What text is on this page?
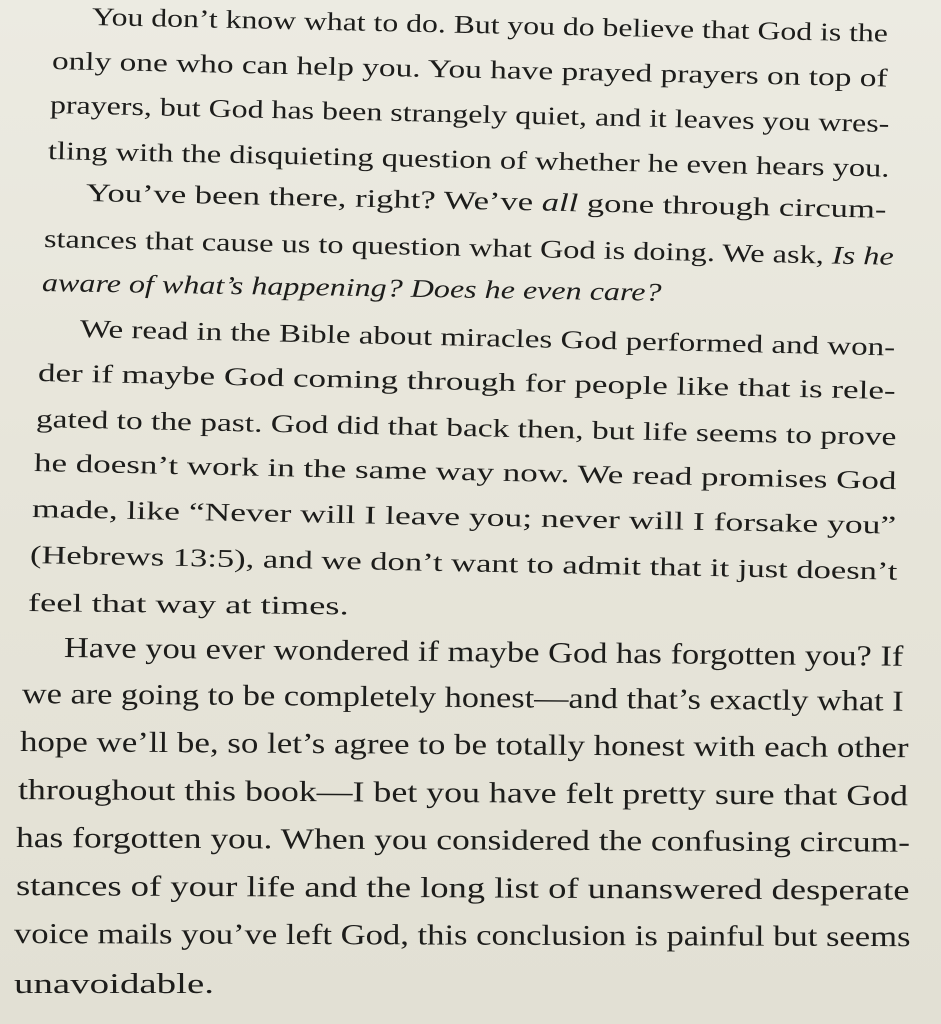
You don’t know what to do. But you do believe that God is the
only one who can help you. You have prayed prayers on top of
prayers, but God has been strangely quiet, and it leaves you wres-
tling with the disquieting question of whether he even hears you.
You’ve been there, right? We’ve all gone through circum-
stances that cause us to question what God is doing. We ask, Is he
aware of what’s happening? Does he even care?
We read in the Bible about miracles God performed and won-
der if maybe God coming through for people like that is rele-
gated to the past. God did that back then, but life seems to prove
he doesn’t work in the same way now. We read promises God
made, like “Never will I leave you; never will I forsake you”
(Hebrews 13:5), and we don’t want to admit that it just doesn’t
feel that way at times.
Have you ever wondered if maybe God has forgotten you? If
we are going to be completely honest—and that’s exactly what I
hope we’ll be, so let’s agree to be totally honest with each other
throughout this book—I bet you have felt pretty sure that God
has forgotten you. When you considered the confusing circum-
stances of your life and the long list of unanswered desperate
voice mails you’ve left God, this conclusion is painful but seems
unavoidable.
